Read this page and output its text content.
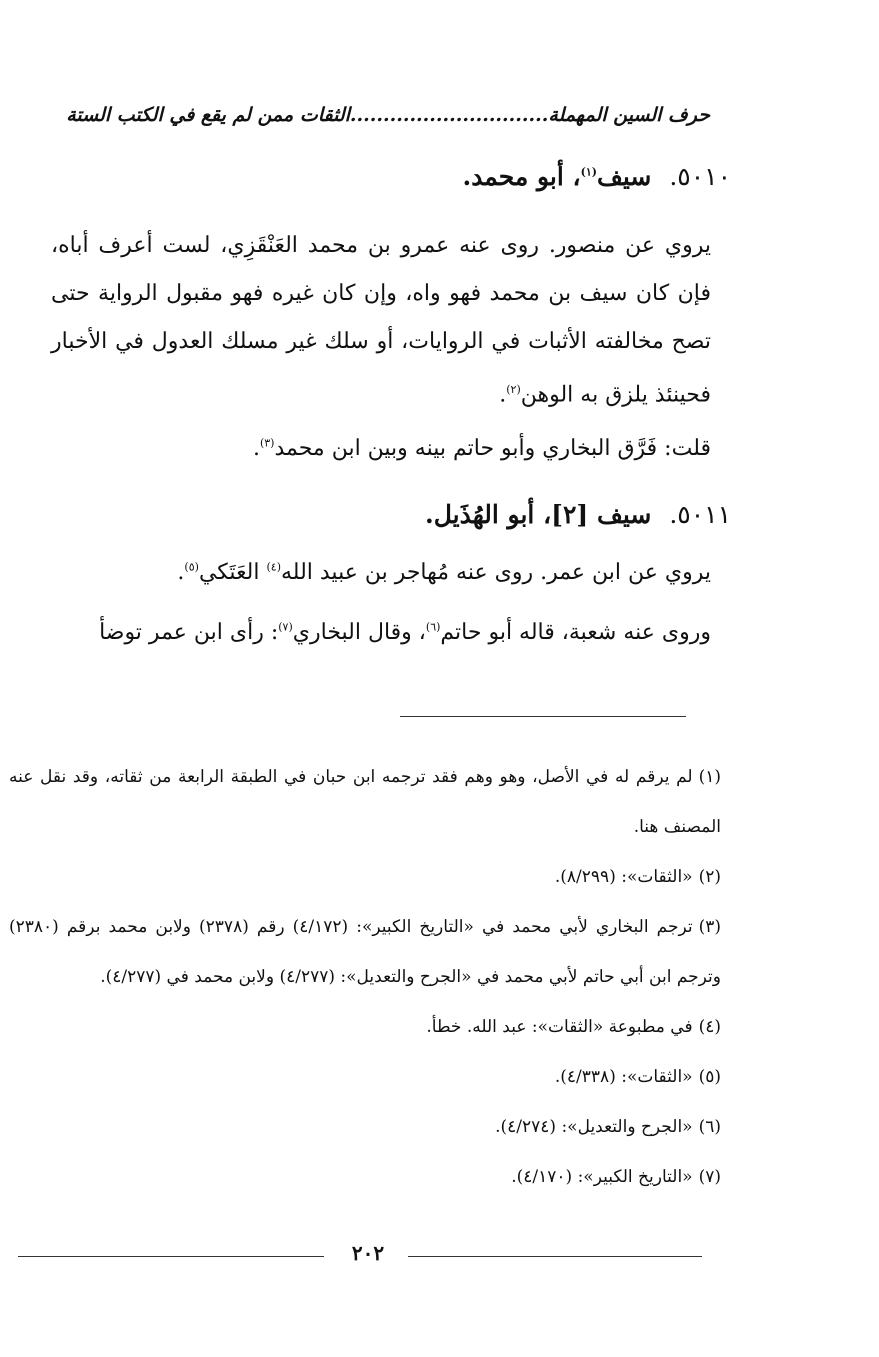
حرف السين المهملة..............................الثقات ممن لم يقع في الكتب الستة
٥٠١٠.سيف$^{(١)}$، أبو محمد.
يروي عن منصور. روى عنه عمرو بن محمد العَنْقَزِي، لست أعرف أباه، فإن كان سيف بن محمد فهو واه، وإن كان غيره فهو مقبول الرواية حتى تصح مخالفته الأثبات في الروايات، أو سلك غير مسلك العدول في الأخبار فحينئذ يلزق به الوهن$^{(٢)}$.
قلت: فَرَّق البخاري وأبو حاتم بينه وبين ابن محمد$^{(٣)}$.
٥٠١١.سيف [٢]، أبو الهُذَيل.
يروي عن ابن عمر. روى عنه مُهاجر بن عبيد الله$^{(٤)}$ العَتَكي$^{(٥)}$.
وروى عنه شعبة، قاله أبو حاتم$^{(٦)}$، وقال البخاري$^{(٧)}$: رأى ابن عمر توضأ
(١)لم يرقم له في الأصل، وهو وهم فقد ترجمه ابن حبان في الطبقة الرابعة من ثقاته، وقد نقل عنه المصنف هنا.
(٢)«الثقات»: (٨/٢٩٩).
(٣)ترجم البخاري لأبي محمد في «التاريخ الكبير»: (٤/١٧٢) رقم (٢٣٧٨) ولابن محمد برقم (٢٣٨٠) وترجم ابن أبي حاتم لأبي محمد في «الجرح والتعديل»: (٤/٢٧٧) ولابن محمد في (٤/٢٧٧).
(٤)في مطبوعة «الثقات»: عبد الله. خطأ.
(٥)«الثقات»: (٤/٣٣٨).
(٦)«الجرح والتعديل»: (٤/٢٧٤).
(٧)«التاريخ الكبير»: (٤/١٧٠).
٢٠٢
